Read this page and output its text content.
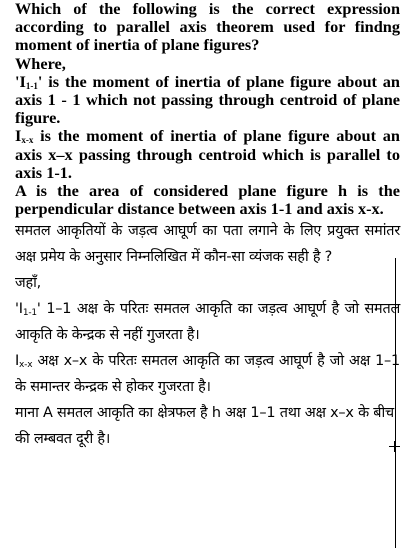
Which of the following is the correct expression according to parallel axis theorem used for findng moment of inertia of plane figures?

Where,

'$I_{1-1}$' is the moment of inertia of plane figure about an axis 1 - 1 which not passing through centroid of plane figure.

$I_{x-x}$ is the moment of inertia of plane figure about an axis x–x passing through centroid which is parallel to axis 1-1.

A is the area of considered plane figure h is the perpendicular distance between axis 1-1 and axis x-x.

समतल आकृतियों के जड़त्व आघूर्ण का पता लगाने के लिए प्रयुक्त समांतर अक्ष प्रमेय के अनुसार निम्नलिखित में कौन-सा व्यंजक सही है ?

जहाँ,

'$I_{1-1}$' 1–1 अक्ष के परितः समतल आकृति का जड़त्व आघूर्ण है जो समतल आकृति के केन्द्रक से नहीं गुजरता है।

$I_{x-x}$ अक्ष x–x के परितः समतल आकृति का जड़त्व आघूर्ण है जो अक्ष 1–1 के समान्तर केन्द्रक से होकर गुजरता है।

माना A समतल आकृति का क्षेत्रफल है h अक्ष 1–1 तथा अक्ष x–x के बीच की लम्बवत दूरी है।
